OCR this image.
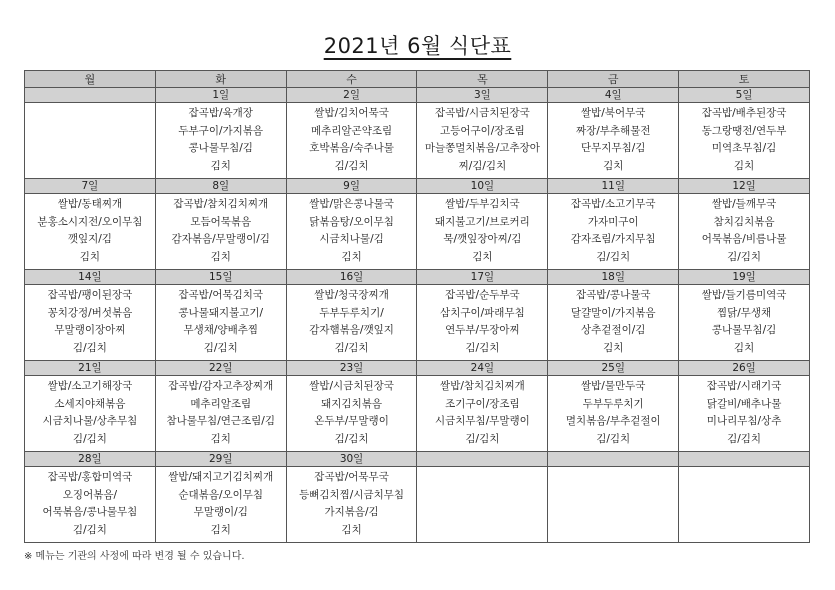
2021년 6월 식단표
월	화	수	목	금	토
	1일	2일	3일	4일	5일

	잡곡밥/육개장
두부구이/가지볶음
콩나물무침/김
김치	쌀밥/김치어묵국
메추리알곤약조림
호박볶음/숙주나물
김/김치	잡곡밥/시금치된장국
고등어구이/장조림
마늘쫑멸치볶음/고추장아
찌/김/김치	쌀밥/북어무국
짜장/부추해물전
단무지무침/김
김치	잡곡밥/배추된장국
동그랑땡전/연두부
미역초무침/김
김치

7일	8일	9일	10일	11일	12일

쌀밥/동태찌개
분홍소시지전/오이무침
깻잎지/김
김치	잡곡밥/참치김치찌개
모듬어묵볶음
감자볶음/무말랭이/김
김치	쌀밥/맑은콩나물국
닭볶음탕/오이무침
시금치나물/김
김치	쌀밥/두부김치국
돼지불고기/브로커리
묵/깻잎장아찌/김
김치	잡곡밥/소고기무국
가자미구이
감자조림/가지무침
김/김치	쌀밥/들깨무국
참치김치볶음
어묵볶음/비름나물
김/김치

14일	15일	16일	17일	18일	19일

잡곡밥/팽이된장국
꽁치강정/버섯볶음
무말랭이장아찌
김/김치	잡곡밥/어묵김치국
콩나물돼지불고기/
무생채/양배추찜
김/김치	쌀밥/청국장찌개
두부두루치기/
감자햄볶음/깻잎지
김/김치	잡곡밥/순두부국
삼치구이/파래무침
연두부/무장아찌
김/김치	잡곡밥/콩나물국
달걀말이/가지볶음
상추겉절이/김
김치	쌀밥/들기름미역국
찜닭/무생채
콩나물무침/김
김치

21일	22일	23일	24일	25일	26일

쌀밥/소고기해장국
소세지야채볶음
시금치나물/상추무침
김/김치	잡곡밥/감자고추장찌개
메추리알조림
참나물무침/연근조림/김
김치	쌀밥/시금치된장국
돼지김치볶음
온두부/무말랭이
김/김치	쌀밥/참치김치찌개
조기구이/장조림
시금치무침/무말랭이
김/김치	쌀밥/물만두국
두부두루치기
멸치볶음/부추겉절이
김/김치	잡곡밥/시래기국
닭갈비/배추나물
미나리무침/상추
김/김치

28일	29일	30일			

잡곡밥/홍합미역국
오징어볶음/
어묵볶음/콩나물무침
김/김치	쌀밥/돼지고기김치찌개
순대볶음/오이무침
무말랭이/김
김치	잡곡밥/어묵무국
등뼈김치찜/시금치무침
가지볶음/김
김치			

※ 메뉴는 기관의 사정에 따라 변경 될 수 있습니다.
